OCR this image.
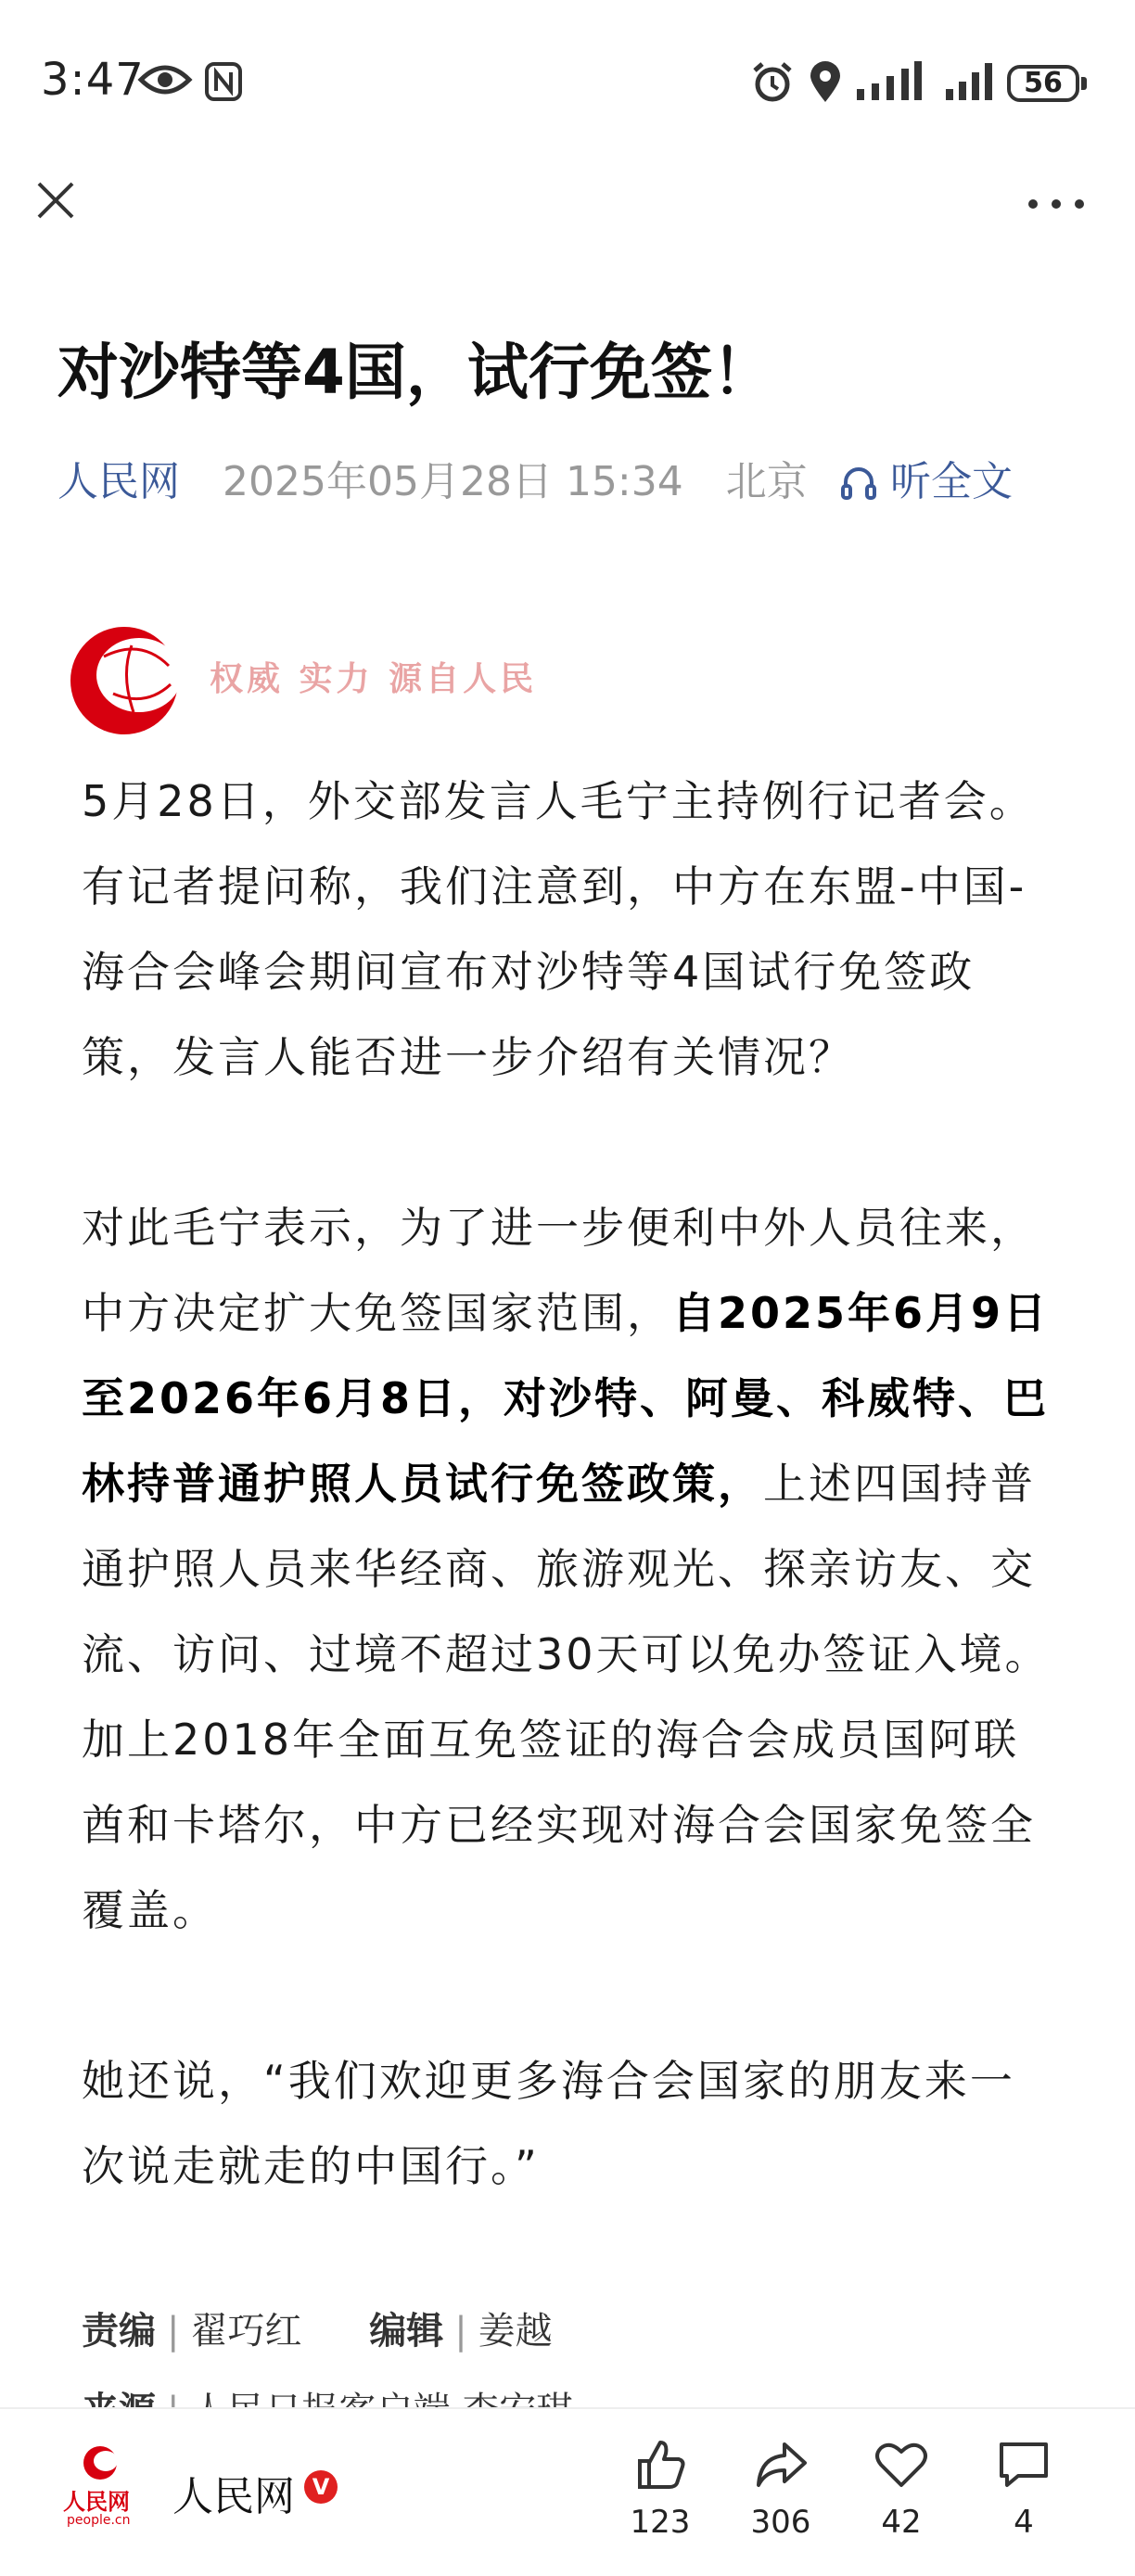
3:47	56
对沙特等4国，试行免签！
人民网 2025年05月28日 15:34 北京	听全文
权威 实力 源自人民

5月28日，外交部发言人毛宁主持例行记者会。有记者提问称，我们注意到，中方在东盟-中国-海合会峰会期间宣布对沙特等4国试行免签政策，发言人能否进一步介绍有关情况？

对此毛宁表示，为了进一步便利中外人员往来，中方决定扩大免签国家范围，自2025年6月9日至2026年6月8日，对沙特、阿曼、科威特、巴林持普通护照人员试行免签政策，上述四国持普通护照人员来华经商、旅游观光、探亲访友、交流、访问、过境不超过30天可以免办签证入境。加上2018年全面互免签证的海合会成员国阿联酋和卡塔尔，中方已经实现对海合会国家免签全覆盖。

她还说，“我们欢迎更多海合会国家的朋友来一次说走就走的中国行。”

责编 | 翟巧红 编辑 | 姜越
人民网
people.cn 人民网 V
123	306	42	4
